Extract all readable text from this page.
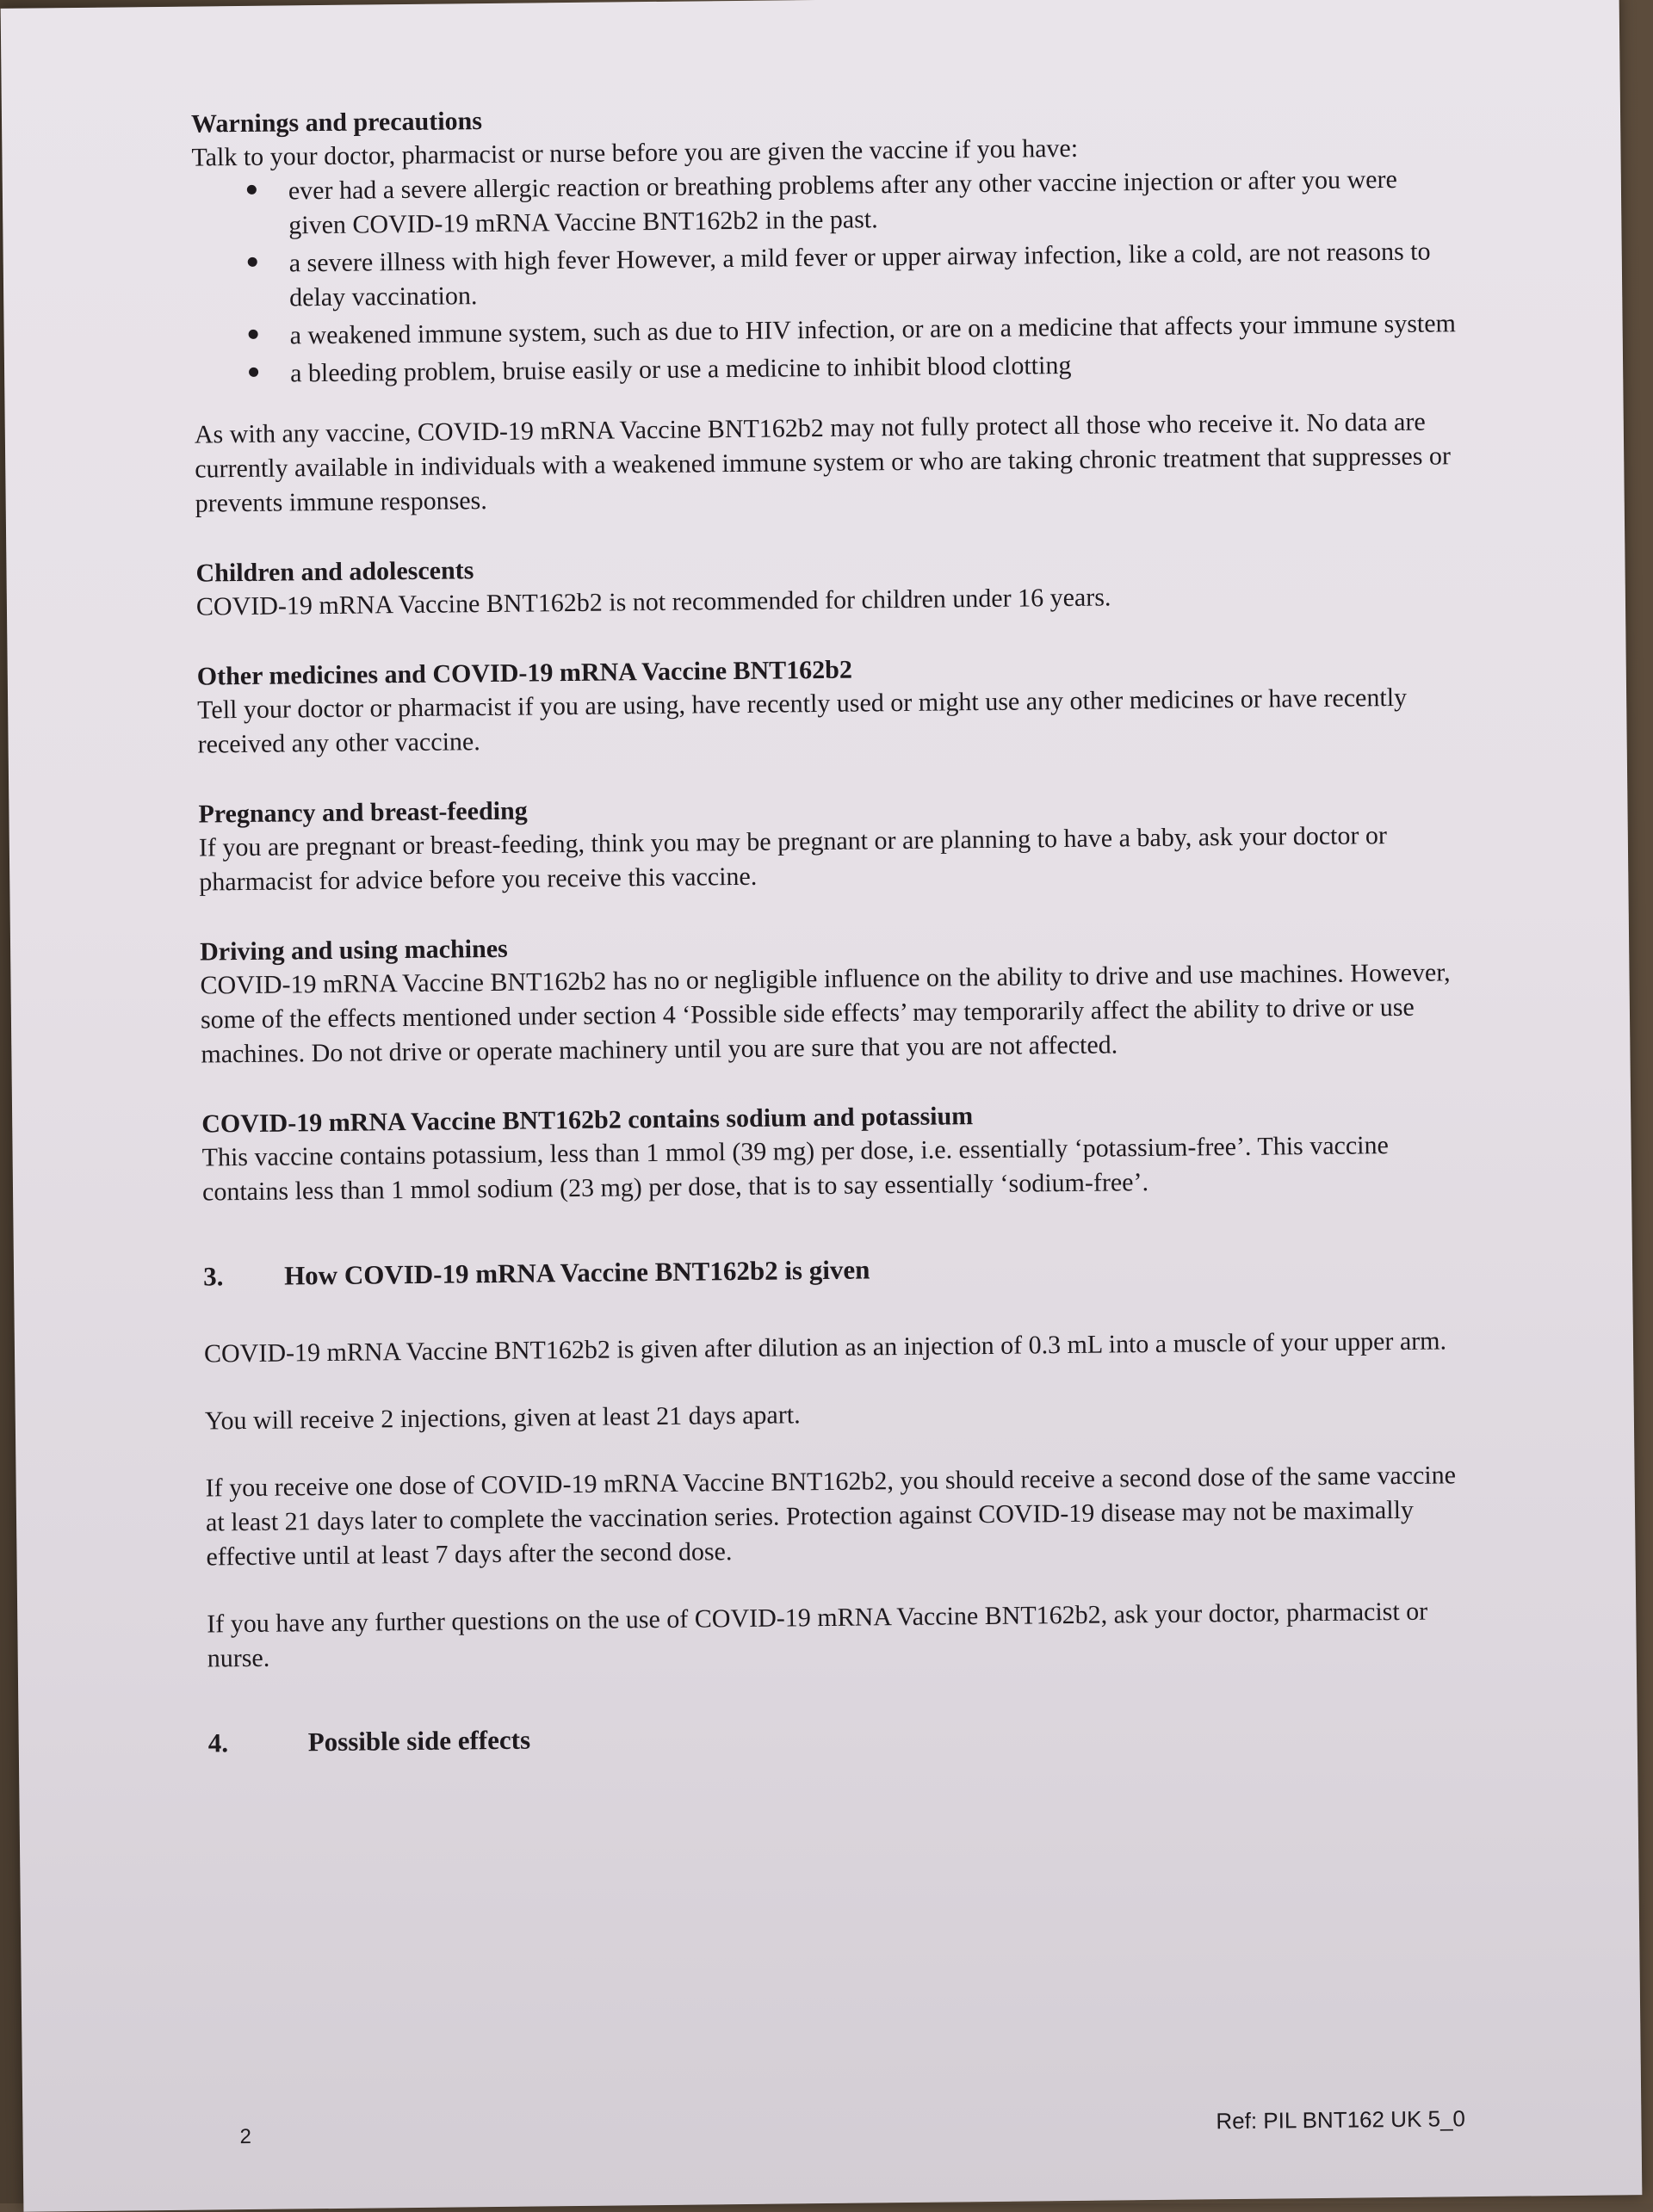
Warnings and precautions
Talk to your doctor, pharmacist or nurse before you are given the vaccine if you have:
ever had a severe allergic reaction or breathing problems after any other vaccine injection or after you were given COVID-19 mRNA Vaccine BNT162b2 in the past.
a severe illness with high fever However, a mild fever or upper airway infection, like a cold, are not reasons to delay vaccination.
a weakened immune system, such as due to HIV infection, or are on a medicine that affects your immune system
a bleeding problem, bruise easily or use a medicine to inhibit blood clotting
As with any vaccine, COVID-19 mRNA Vaccine BNT162b2 may not fully protect all those who receive it. No data are currently available in individuals with a weakened immune system or who are taking chronic treatment that suppresses or prevents immune responses.
Children and adolescents
COVID-19 mRNA Vaccine BNT162b2 is not recommended for children under 16 years.
Other medicines and COVID-19 mRNA Vaccine BNT162b2
Tell your doctor or pharmacist if you are using, have recently used or might use any other medicines or have recently received any other vaccine.
Pregnancy and breast-feeding
If you are pregnant or breast-feeding, think you may be pregnant or are planning to have a baby, ask your doctor or pharmacist for advice before you receive this vaccine.
Driving and using machines
COVID-19 mRNA Vaccine BNT162b2 has no or negligible influence on the ability to drive and use machines. However, some of the effects mentioned under section 4 ‘Possible side effects’ may temporarily affect the ability to drive or use machines. Do not drive or operate machinery until you are sure that you are not affected.
COVID-19 mRNA Vaccine BNT162b2 contains sodium and potassium
This vaccine contains potassium, less than 1 mmol (39 mg) per dose, i.e. essentially ‘potassium-free’. This vaccine contains less than 1 mmol sodium (23 mg) per dose, that is to say essentially ‘sodium-free’.
3.	How COVID-19 mRNA Vaccine BNT162b2 is given
COVID-19 mRNA Vaccine BNT162b2 is given after dilution as an injection of 0.3 mL into a muscle of your upper arm.
You will receive 2 injections, given at least 21 days apart.
If you receive one dose of COVID-19 mRNA Vaccine BNT162b2, you should receive a second dose of the same vaccine at least 21 days later to complete the vaccination series. Protection against COVID-19 disease may not be maximally effective until at least 7 days after the second dose.
If you have any further questions on the use of COVID-19 mRNA Vaccine BNT162b2, ask your doctor, pharmacist or nurse.
4.	Possible side effects
2
Ref: PIL BNT162 UK 5_0
